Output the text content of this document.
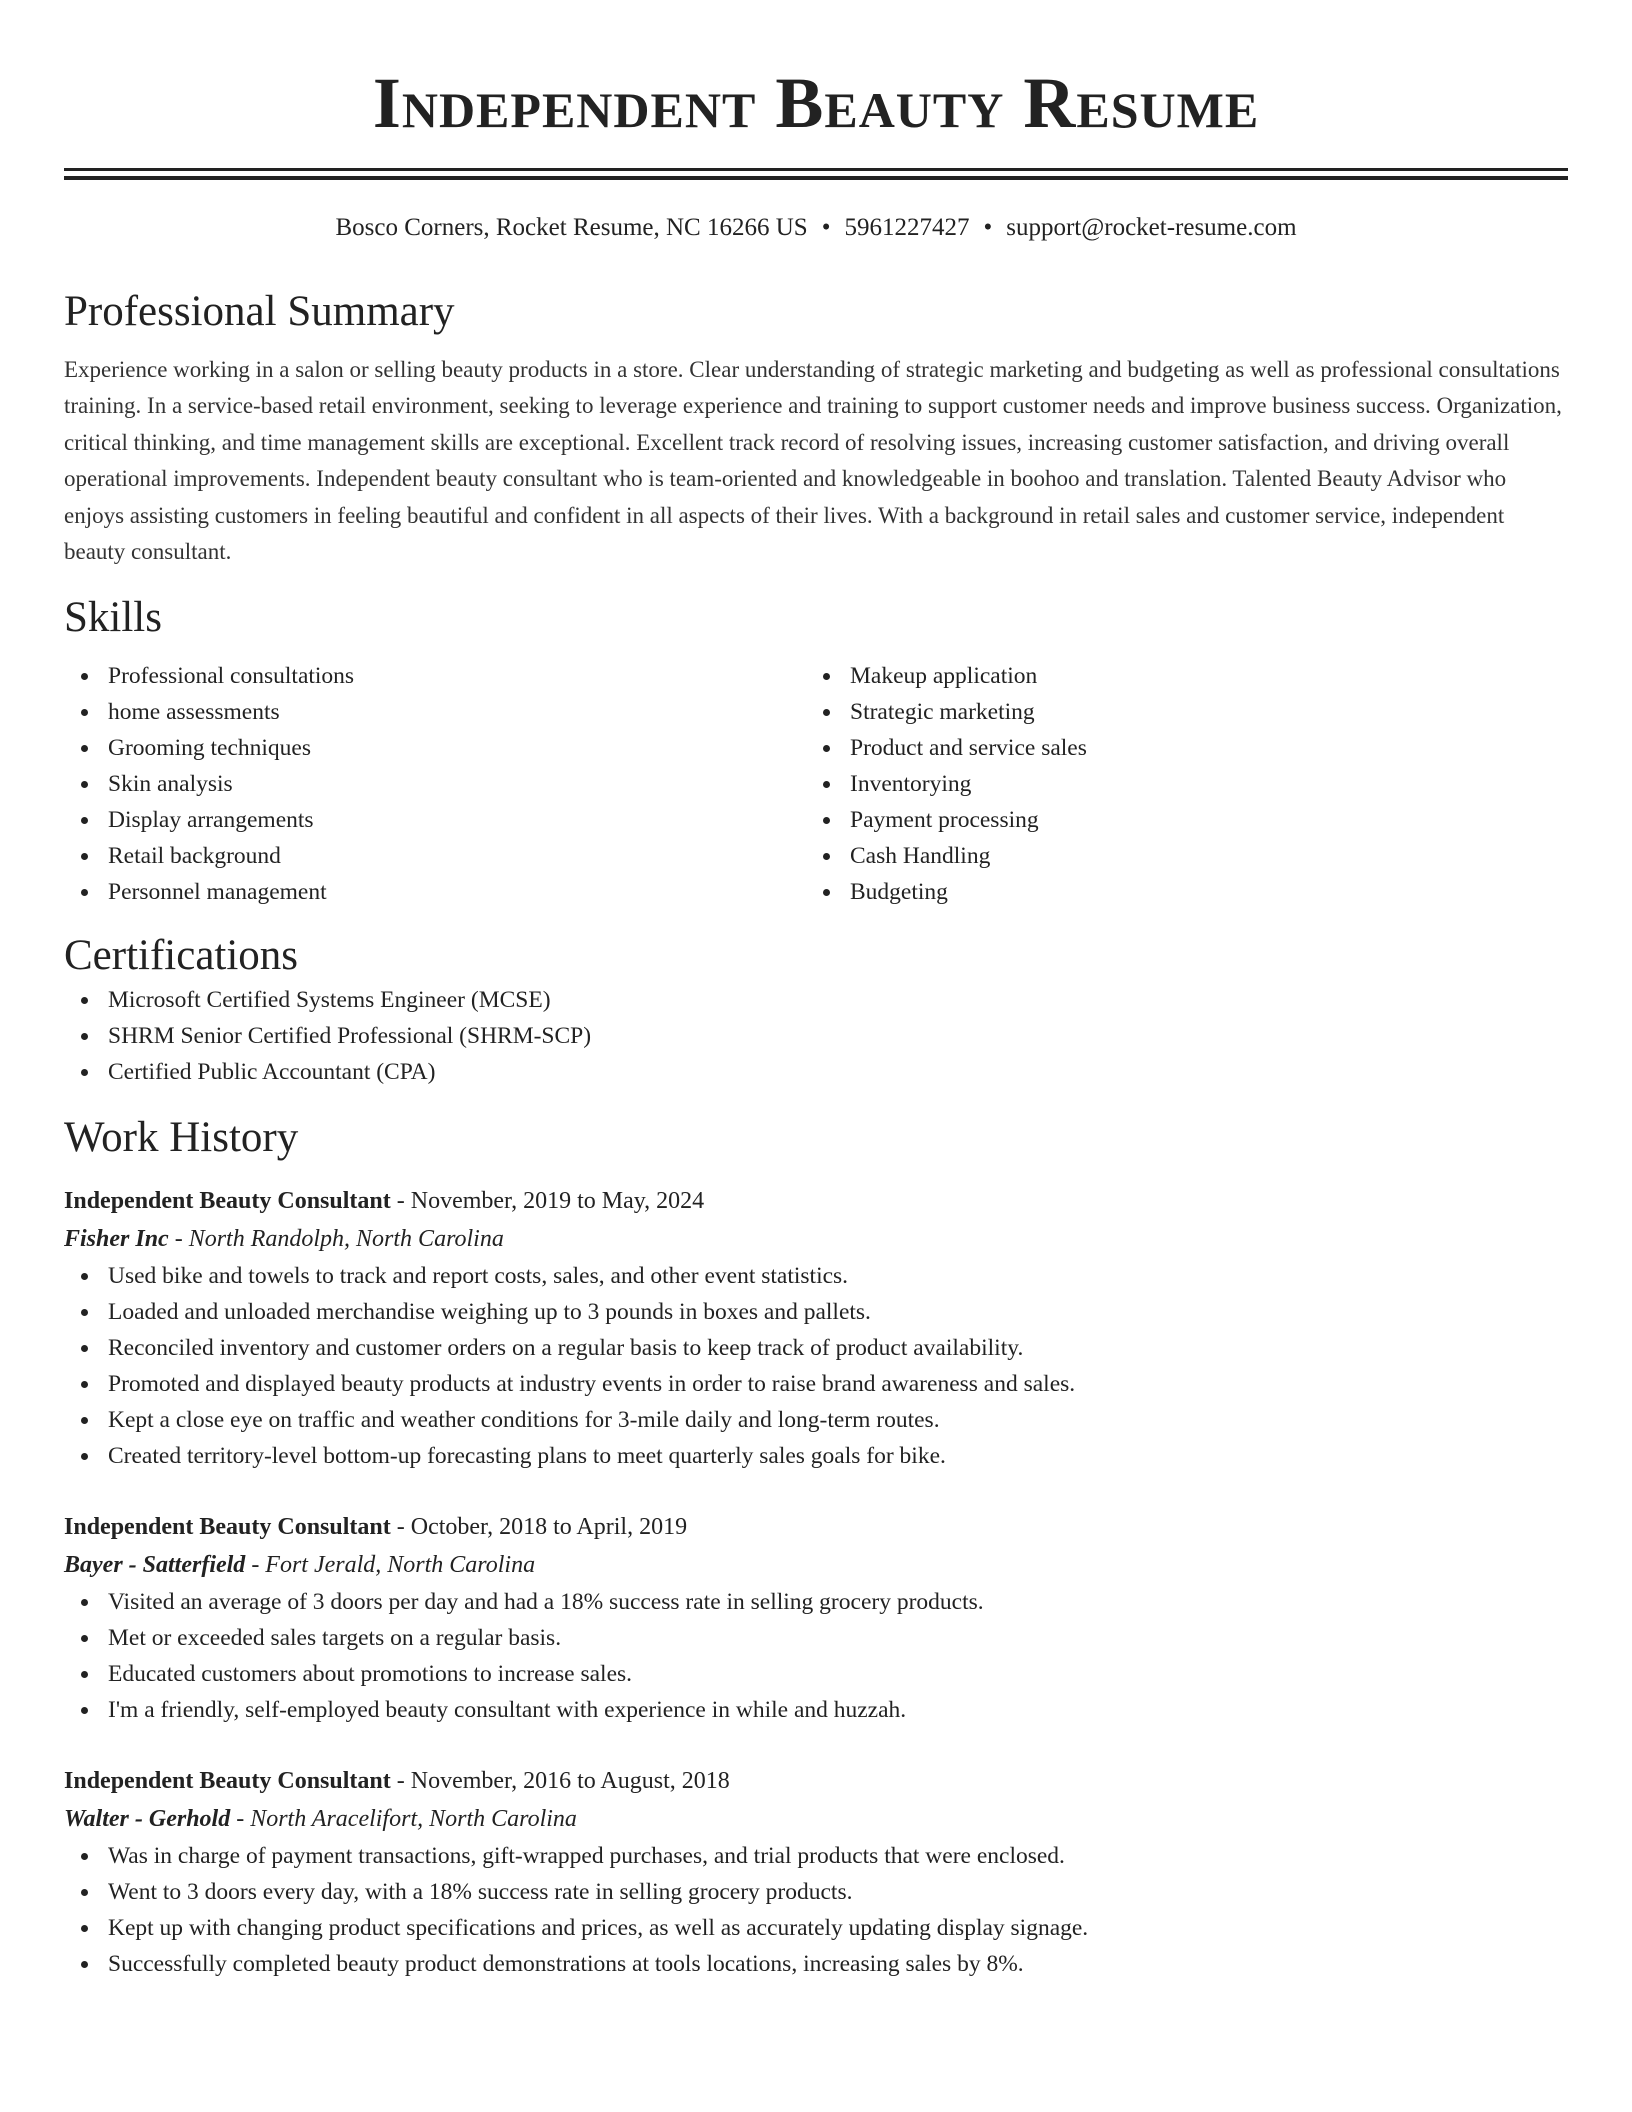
Independent Beauty Resume
Bosco Corners, Rocket Resume, NC 16266 US • 5961227427 • support@rocket-resume.com
Professional Summary

Experience working in a salon or selling beauty products in a store. Clear understanding of strategic marketing and budgeting as well as professional consultations training. In a service-based retail environment, seeking to leverage experience and training to support customer needs and improve business success. Organization, critical thinking, and time management skills are exceptional. Excellent track record of resolving issues, increasing customer satisfaction, and driving overall operational improvements. Independent beauty consultant who is team-oriented and knowledgeable in boohoo and translation. Talented Beauty Advisor who enjoys assisting customers in feeling beautiful and confident in all aspects of their lives. With a background in retail sales and customer service, independent beauty consultant.

Skills
Professional consultations
home assessments
Grooming techniques
Skin analysis
Display arrangements
Retail background
Personnel management
Makeup application
Strategic marketing
Product and service sales
Inventorying
Payment processing
Cash Handling
Budgeting
Certifications
Microsoft Certified Systems Engineer (MCSE)
SHRM Senior Certified Professional (SHRM-SCP)
Certified Public Accountant (CPA)
Work History
Independent Beauty Consultant - November, 2019 to May, 2024
Fisher Inc - North Randolph, North Carolina
Used bike and towels to track and report costs, sales, and other event statistics.
Loaded and unloaded merchandise weighing up to 3 pounds in boxes and pallets.
Reconciled inventory and customer orders on a regular basis to keep track of product availability.
Promoted and displayed beauty products at industry events in order to raise brand awareness and sales.
Kept a close eye on traffic and weather conditions for 3-mile daily and long-term routes.
Created territory-level bottom-up forecasting plans to meet quarterly sales goals for bike.
Independent Beauty Consultant - October, 2018 to April, 2019
Bayer - Satterfield - Fort Jerald, North Carolina
Visited an average of 3 doors per day and had a 18% success rate in selling grocery products.
Met or exceeded sales targets on a regular basis.
Educated customers about promotions to increase sales.
I'm a friendly, self-employed beauty consultant with experience in while and huzzah.
Independent Beauty Consultant - November, 2016 to August, 2018
Walter - Gerhold - North Aracelifort, North Carolina
Was in charge of payment transactions, gift-wrapped purchases, and trial products that were enclosed.
Went to 3 doors every day, with a 18% success rate in selling grocery products.
Kept up with changing product specifications and prices, as well as accurately updating display signage.
Successfully completed beauty product demonstrations at tools locations, increasing sales by 8%.
